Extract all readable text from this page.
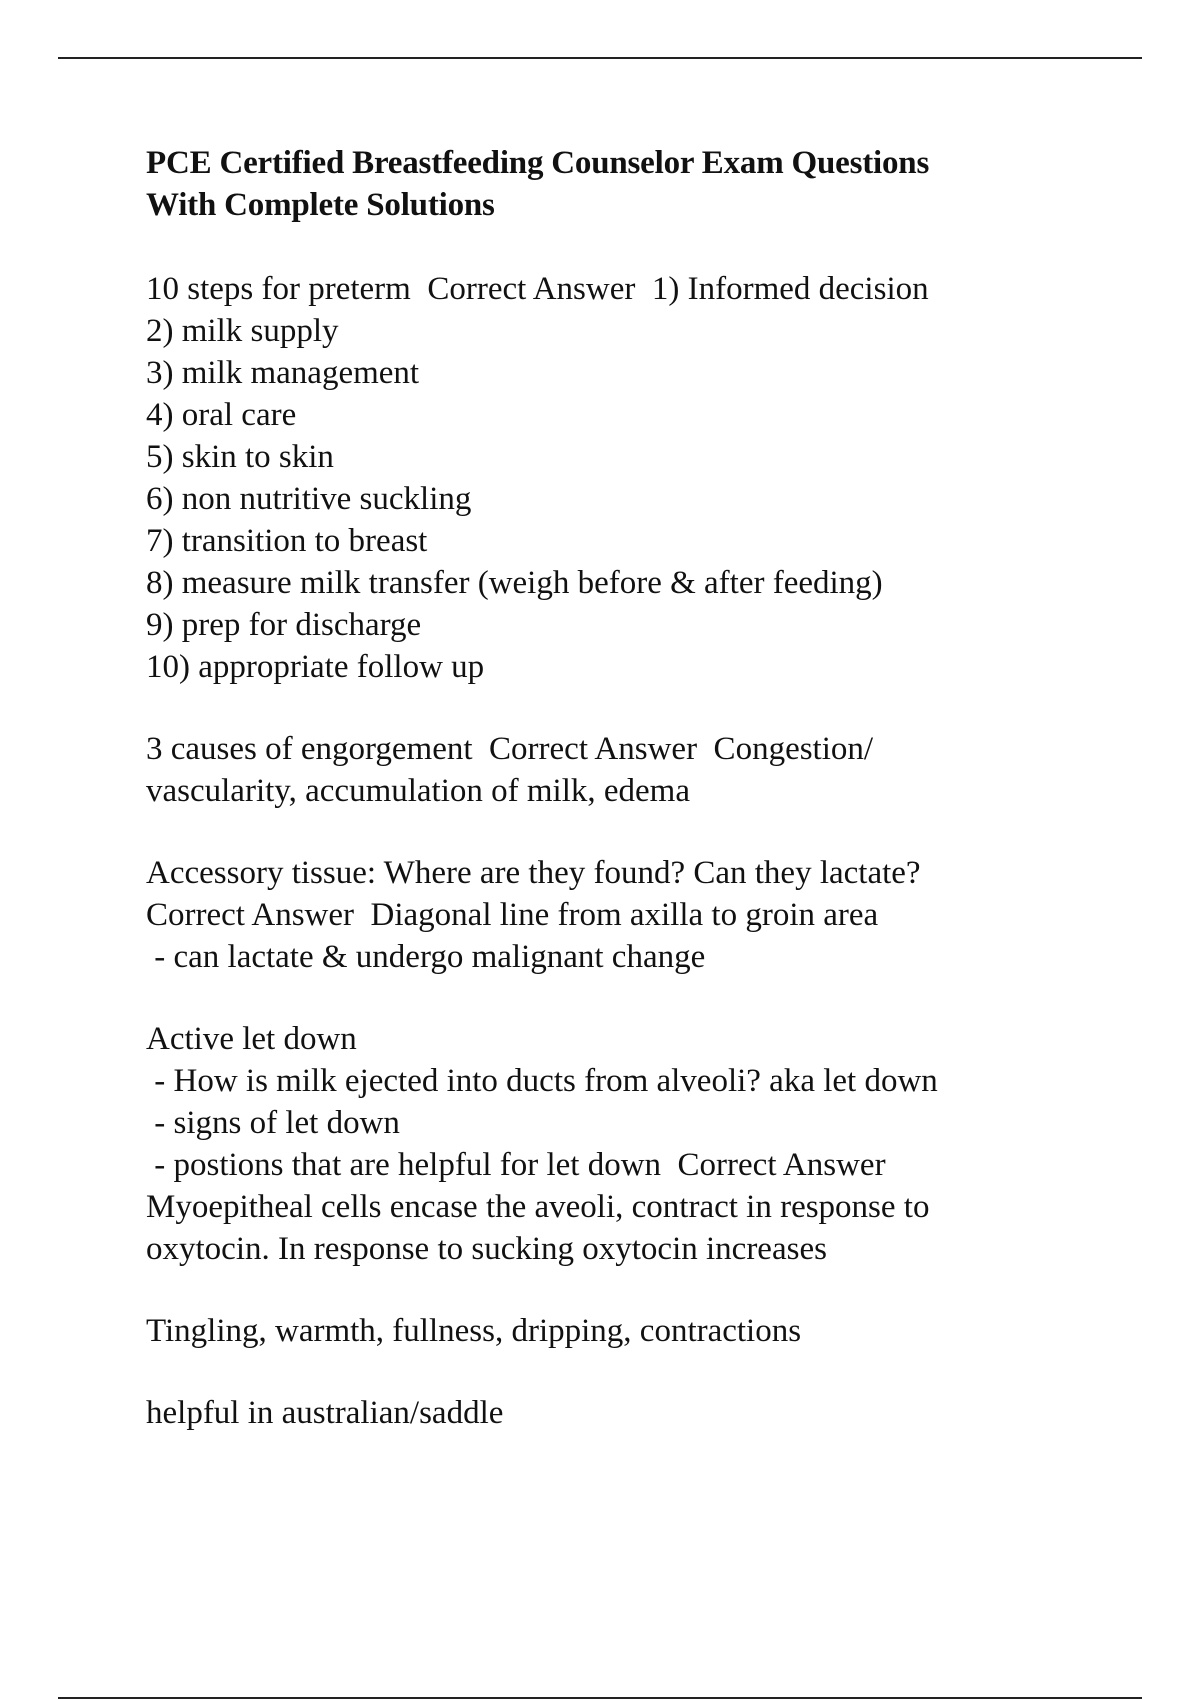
PCE Certified Breastfeeding Counselor Exam Questions
With Complete Solutions
10 steps for preterm  Correct Answer  1) Informed decision
2) milk supply
3) milk management
4) oral care
5) skin to skin
6) non nutritive suckling
7) transition to breast
8) measure milk transfer (weigh before & after feeding)
9) prep for discharge
10) appropriate follow up
3 causes of engorgement  Correct Answer  Congestion/
vascularity, accumulation of milk, edema
Accessory tissue: Where are they found? Can they lactate?
Correct Answer  Diagonal line from axilla to groin area
- can lactate & undergo malignant change
Active let down
- How is milk ejected into ducts from alveoli? aka let down
- signs of let down
- postions that are helpful for let down  Correct Answer
Myoepitheal cells encase the aveoli, contract in response to
oxytocin. In response to sucking oxytocin increases
Tingling, warmth, fullness, dripping, contractions
helpful in australian/saddle
